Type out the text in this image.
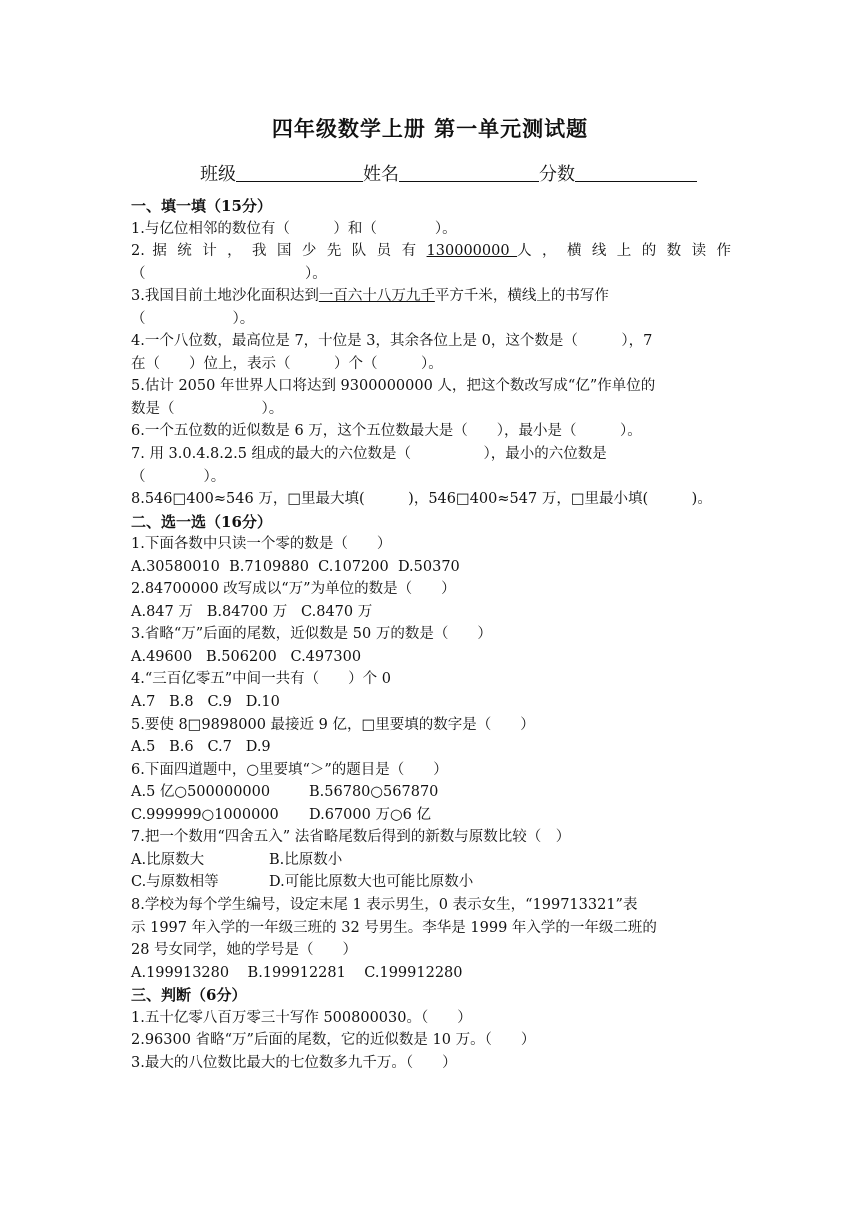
四年级数学上册 第一单元测试题
班级	姓名	分数
一、填一填（15分）
1.与亿位相邻的数位有（　　　）和（　　　　）。
2. 据 统 计 ， 我 国 少 先 队 员 有 130000000 人 ， 横 线 上 的 数 读 作
（　　　　　　　　　　　）。
3.我国目前土地沙化面积达到一百六十八万九千平方千米，横线上的书写作
（　　　　　　）。
4.一个八位数，最高位是 7，十位是 3，其余各位上是 0，这个数是（　　　），7
在（　　）位上，表示（　　　）个（　　　）。
5.估计 2050 年世界人口将达到 9300000000 人，把这个数改写成“亿”作单位的
数是（　　　　　　）。
6.一个五位数的近似数是 6 万，这个五位数最大是（　　），最小是（　　　）。
7. 用 3.0.4.8.2.5 组成的最大的六位数是（　　　　　），最小的六位数是
（　　　　）。
8.546□400≈546 万，□里最大填(　　　)，546□400≈547 万，□里最小填(　　　)。
二、选一选（16分）
1.下面各数中只读一个零的数是（　　）
A.30580010 B.7109880 C.107200 D.50370
2.84700000 改写成以“万”为单位的数是（　　）
A.847 万 B.84700 万 C.8470 万
3.省略“万”后面的尾数，近似数是 50 万的数是（　　）
A.49600 B.506200 C.497300
4.“三百亿零五”中间一共有（　　）个 0
A.7 B.8 C.9 D.10
5.要使 8□9898000 最接近 9 亿，□里要填的数字是（　　）
A.5 B.6 C.7 D.9
6.下面四道题中，○里要填“＞”的题目是（　　）
A.5 亿○500000000	B.56780○567870
C.999999○1000000 D.67000 万○6 亿
7.把一个数用“四舍五入” 法省略尾数后得到的新数与原数比较（　）
A.比原数大	B.比原数小
C.与原数相等	D.可能比原数大也可能比原数小
8.学校为每个学生编号，设定末尾 1 表示男生，0 表示女生，“199713321”表
示 1997 年入学的一年级三班的 32 号男生。李华是 1999 年入学的一年级二班的
28 号女同学，她的学号是（　　）
A.199913280 B.199912281 C.199912280
三、判断（6分）
1.五十亿零八百万零三十写作 500800030。（　　）
2.96300 省略“万”后面的尾数，它的近似数是 10 万。（　　）
3.最大的八位数比最大的七位数多九千万。（　　）
